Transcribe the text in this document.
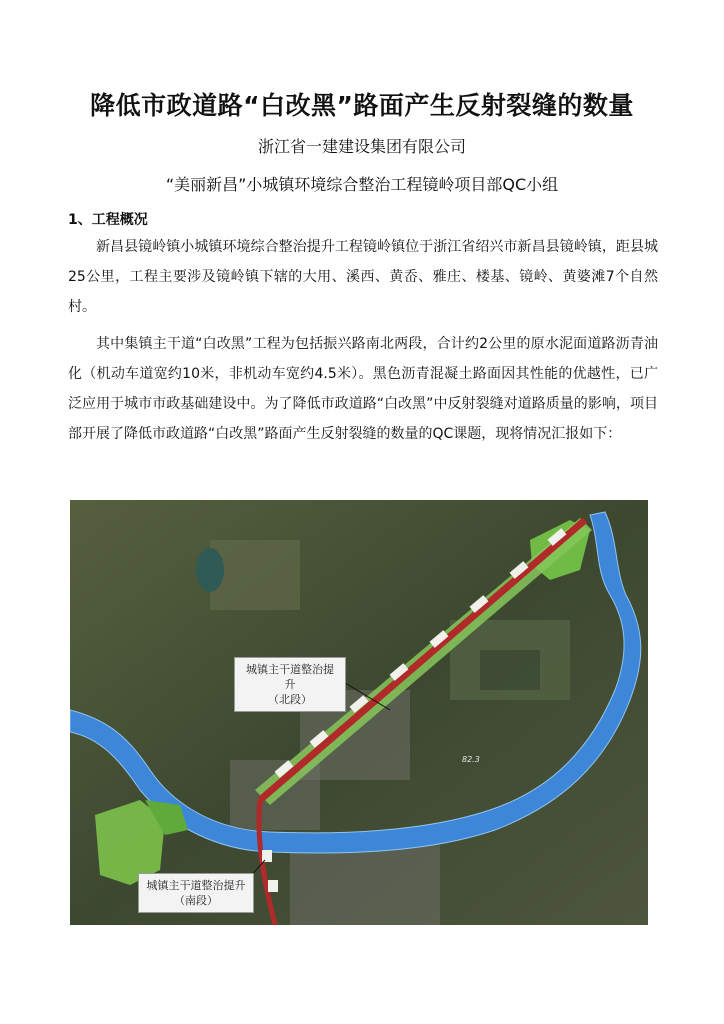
降低市政道路“白改黑”路面产生反射裂缝的数量
浙江省一建建设集团有限公司
“美丽新昌”小城镇环境综合整治工程镜岭项目部QC小组
1、工程概况

新昌县镜岭镇小城镇环境综合整治提升工程镜岭镇位于浙江省绍兴市新昌县镜岭镇，距县城25公里，工程主要涉及镜岭镇下辖的大用、溪西、黄岙、雅庄、楼基、镜岭、黄婆滩7个自然村。

其中集镇主干道“白改黑”工程为包括振兴路南北两段，合计约2公里的原水泥面道路沥青油化（机动车道宽约10米，非机动车宽约4.5米）。黑色沥青混凝土路面因其性能的优越性，已广泛应用于城市市政基础建设中。为了降低市政道路“白改黑”中反射裂缝对道路质量的影响，项目部开展了降低市政道路“白改黑”路面产生反射裂缝的数量的QC课题，现将情况汇报如下：

城镇主干道整治提升
（北段）
城镇主干道整治提升
（南段）
82.3
